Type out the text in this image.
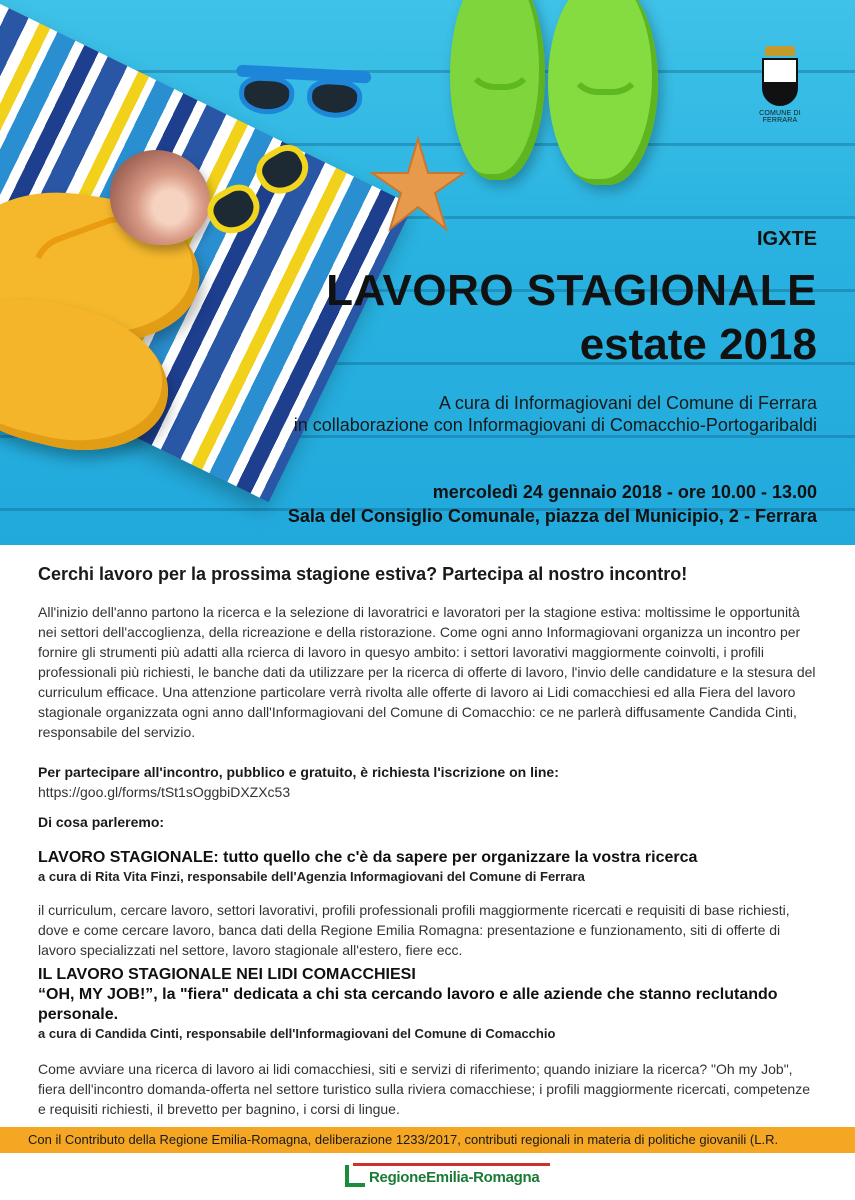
COMUNE DI FERRARA
IGXTE
LAVORO STAGIONALE
estate 2018
A cura di Informagiovani del Comune di Ferrara
in collaborazione con Informagiovani di Comacchio-Portogaribaldi
mercoledì 24 gennaio 2018 - ore 10.00 - 13.00
Sala del Consiglio Comunale, piazza del Municipio, 2 - Ferrara
Cerchi lavoro per la prossima stagione estiva? Partecipa al nostro incontro!

All'inizio dell'anno partono la ricerca e la selezione di lavoratrici e lavoratori per la stagione estiva: moltissime le opportunità nei settori dell'accoglienza, della ricreazione e della ristorazione. Come ogni anno Informagiovani organizza un incontro per fornire gli strumenti più adatti alla rcierca di lavoro in quesyo ambito: i settori lavorativi maggiormente coinvolti, i profili professionali più richiesti, le banche dati da utilizzare per la ricerca di offerte di lavoro, l'invio delle candidature e la stesura del curriculum efficace. Una attenzione particolare verrà rivolta alle offerte di lavoro ai Lidi comacchiesi ed alla Fiera del lavoro stagionale organizzata ogni anno dall'Informagiovani del Comune di Comacchio: ce ne parlerà diffusamente Candida Cinti, responsabile del servizio.

Per partecipare all'incontro, pubblico e gratuito, è richiesta l'iscrizione on line:

https://goo.gl/forms/tSt1sOggbiDXZXc53

Di cosa parleremo:
LAVORO STAGIONALE: tutto quello che c'è da sapere per organizzare la vostra ricerca
a cura di Rita Vita Finzi, responsabile dell'Agenzia Informagiovani del Comune di Ferrara

il curriculum, cercare lavoro, settori lavorativi, profili professionali profili maggiormente ricercati e requisiti di base richiesti, dove e come cercare lavoro, banca dati della Regione Emilia Romagna: presentazione e funzionamento, siti di offerte di lavoro specializzati nel settore, lavoro stagionale all'estero, fiere ecc.

IL LAVORO STAGIONALE NEI LIDI COMACCHIESI
“OH, MY JOB!”, la "fiera" dedicata a chi sta cercando lavoro e alle aziende che stanno reclutando personale.
a cura di Candida Cinti, responsabile dell'Informagiovani del Comune di Comacchio

Come avviare una ricerca di lavoro ai lidi comacchiesi, siti e servizi di riferimento; quando iniziare la ricerca? "Oh my Job", fiera dell'incontro domanda-offerta nel settore turistico sulla riviera comacchiese; i profili maggiormente ricercati, competenze e requisiti richiesti, il brevetto per bagnino, i corsi di lingue.

Con il Contributo della Regione Emilia-Romagna, deliberazione 1233/2017, contributi regionali in materia di politiche giovanili (L.R.
RegioneEmilia-Romagna
